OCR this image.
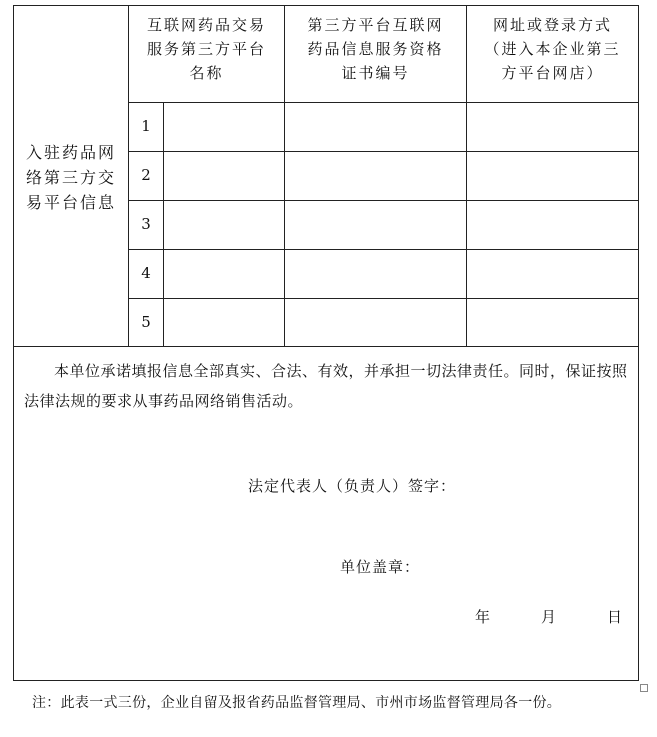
入驻药品网
络第三方交
易平台信息
互联网药品交易
服务第三方平台
名称
第三方平台互联网
药品信息服务资格
证书编号
网址或登录方式
（进入本企业第三
方平台网店）
1
2
3
4
5
本单位承诺填报信息全部真实、合法、有效，并承担一切法律责任。同时，保证按照法律法规的要求从事药品网络销售活动。
法定代表人（负责人）签字：
单位盖章：
年	月	日
注：此表一式三份，企业自留及报省药品监督管理局、市州市场监督管理局各一份。
